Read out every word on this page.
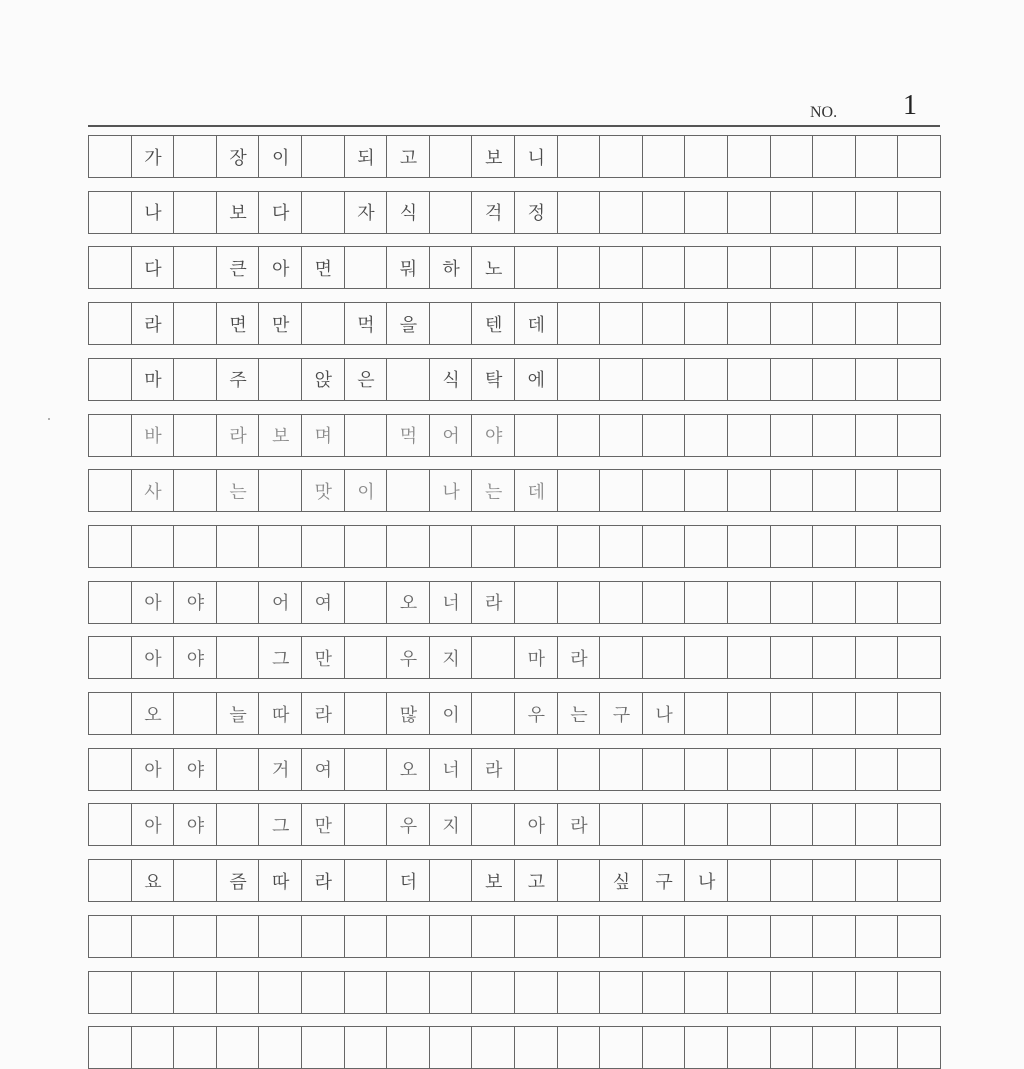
NO. 1
가	장	이	되	고	보	니
나	보	다	자	식	걱	정
다	큰	아	면	뭐	하	노
라	면	만	먹	을	텐	데
마	주	앉	은	식	탁	에
바	라	보	며	먹	어	야
사	는	맛	이	나	는	데
아	야	어	여	오	너	라
아	야	그	만	우	지	마	라
오	늘	따	라	많	이	우	는	구	나
아	야	거	여	오	너	라
아	야	그	만	우	지	아	라
요	즘	따	라	더	보	고	싶	구	나
